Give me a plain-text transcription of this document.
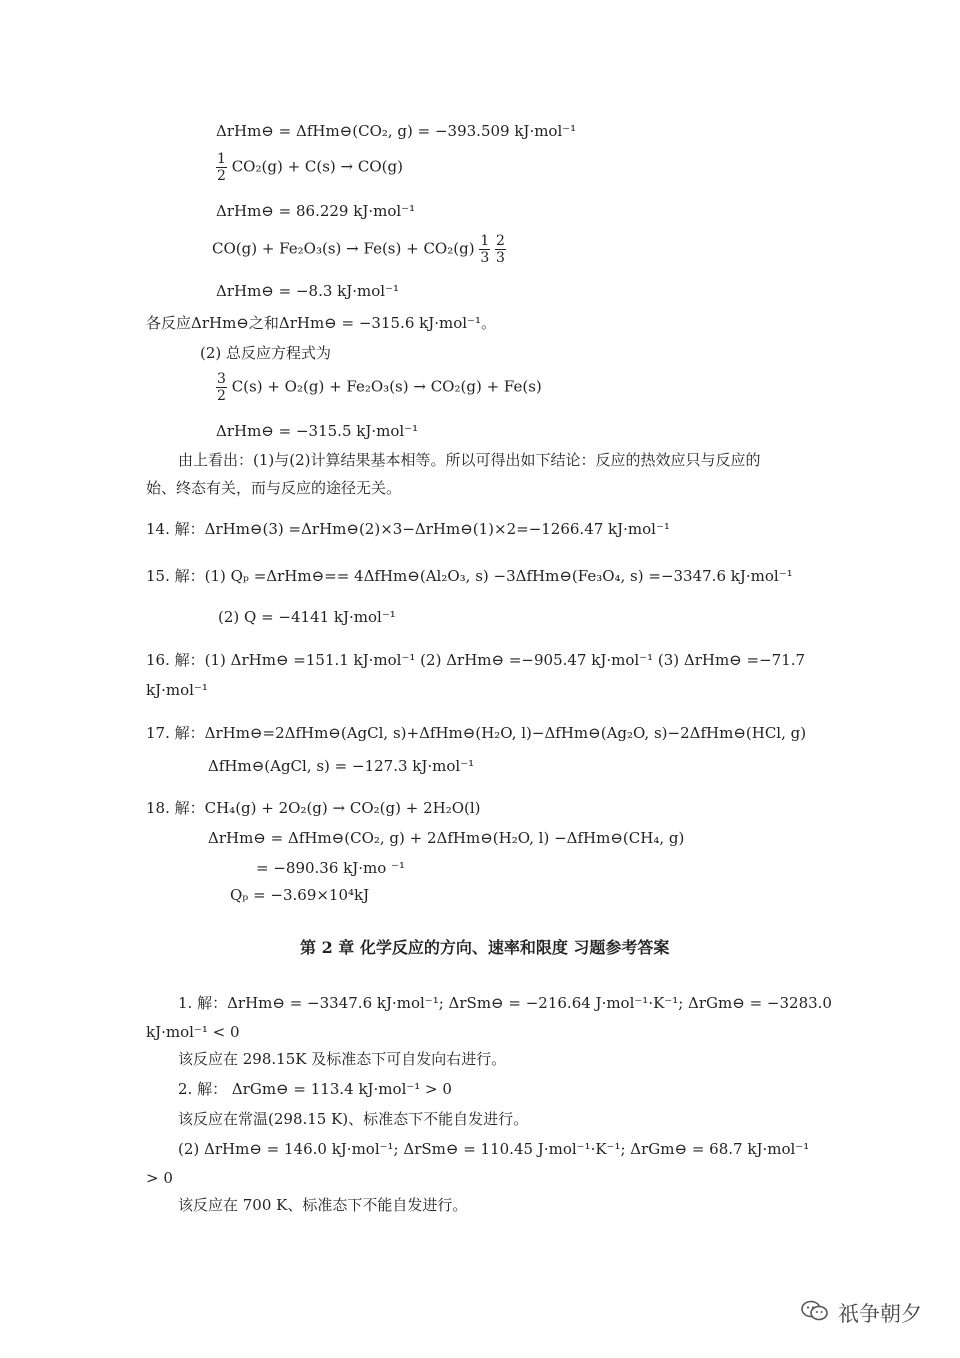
ΔrHm⊖ = ΔfHm⊖(CO₂, g) = −393.509 kJ·mol⁻¹
$\frac{1}{2} CO_2(g) + C(s) \to CO(g)$
ΔrHm⊖ = 86.229 kJ·mol⁻¹
$CO(g) + Fe_2O_3(s) \to Fe(s) + CO_2(g) \frac{1}{3}$
$\frac{2}{3}$
ΔrHm⊖ = −8.3 kJ·mol⁻¹
各反应ΔrHm⊖之和ΔrHm⊖ = −315.6 kJ·mol⁻¹。
(2) 总反应方程式为
$\frac{3}{2} C(s) + O_2(g) + Fe_2O_3(s) \to CO_2(g) + Fe(s)$
ΔrHm⊖ = −315.5 kJ·mol⁻¹
由上看出：(1)与(2)计算结果基本相等。所以可得出如下结论：反应的热效应只与反应的
始、终态有关，而与反应的途径无关。
14. 解：ΔrHm⊖(3) =ΔrHm⊖(2)×3−ΔrHm⊖(1)×2=−1266.47 kJ·mol⁻¹
15. 解：(1) Qₚ =ΔrHm⊖== 4ΔfHm⊖(Al₂O₃, s) −3ΔfHm⊖(Fe₃O₄, s) =−3347.6 kJ·mol⁻¹
(2) Q = −4141 kJ·mol⁻¹
16. 解：(1) ΔrHm⊖ =151.1 kJ·mol⁻¹ (2) ΔrHm⊖ =−905.47 kJ·mol⁻¹ (3) ΔrHm⊖ =−71.7
kJ·mol⁻¹
17. 解：ΔrHm⊖=2ΔfHm⊖(AgCl, s)+ΔfHm⊖(H₂O, l)−ΔfHm⊖(Ag₂O, s)−2ΔfHm⊖(HCl, g)
ΔfHm⊖(AgCl, s) = −127.3 kJ·mol⁻¹
18. 解：CH₄(g) + 2O₂(g) → CO₂(g) + 2H₂O(l)
ΔrHm⊖ = ΔfHm⊖(CO₂, g) + 2ΔfHm⊖(H₂O, l) −ΔfHm⊖(CH₄, g)
= −890.36 kJ·mo ⁻¹
Qₚ = −3.69×10⁴kJ
第 2 章 化学反应的方向、速率和限度 习题参考答案
1. 解：ΔrHm⊖ = −3347.6 kJ·mol⁻¹; ΔrSm⊖ = −216.64 J·mol⁻¹·K⁻¹; ΔrGm⊖ = −3283.0
kJ·mol⁻¹ < 0
该反应在 298.15K 及标准态下可自发向右进行。
2. 解： ΔrGm⊖ = 113.4 kJ·mol⁻¹ > 0
该反应在常温(298.15 K)、标准态下不能自发进行。
(2) ΔrHm⊖ = 146.0 kJ·mol⁻¹; ΔrSm⊖ = 110.45 J·mol⁻¹·K⁻¹; ΔrGm⊖ = 68.7 kJ·mol⁻¹
> 0
该反应在 700 K、标准态下不能自发进行。
祇争朝夕
